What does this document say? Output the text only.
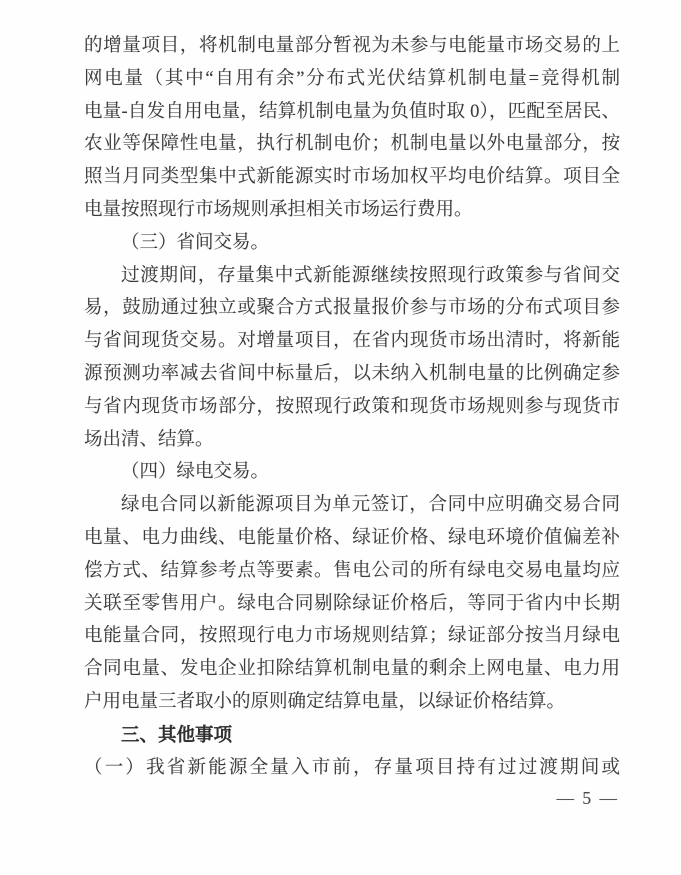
的增量项目，将机制电量部分暂视为未参与电能量市场交易的上
网电量（其中“自用有余”分布式光伏结算机制电量=竞得机制
电量-自发自用电量，结算机制电量为负值时取 0），匹配至居民、
农业等保障性电量，执行机制电价；机制电量以外电量部分，按
照当月同类型集中式新能源实时市场加权平均电价结算。项目全
电量按照现行市场规则承担相关市场运行费用。
（三）省间交易。
过渡期间，存量集中式新能源继续按照现行政策参与省间交
易，鼓励通过独立或聚合方式报量报价参与市场的分布式项目参
与省间现货交易。对增量项目，在省内现货市场出清时，将新能
源预测功率减去省间中标量后，以未纳入机制电量的比例确定参
与省内现货市场部分，按照现行政策和现货市场规则参与现货市
场出清、结算。
（四）绿电交易。
绿电合同以新能源项目为单元签订，合同中应明确交易合同
电量、电力曲线、电能量价格、绿证价格、绿电环境价值偏差补
偿方式、结算参考点等要素。售电公司的所有绿电交易电量均应
关联至零售用户。绿电合同剔除绿证价格后，等同于省内中长期
电能量合同，按照现行电力市场规则结算；绿证部分按当月绿电
合同电量、发电企业扣除结算机制电量的剩余上网电量、电力用
户用电量三者取小的原则确定结算电量，以绿证价格结算。
三、其他事项
（一）我省新能源全量入市前，存量项目持有过过渡期间或
— 5 —
